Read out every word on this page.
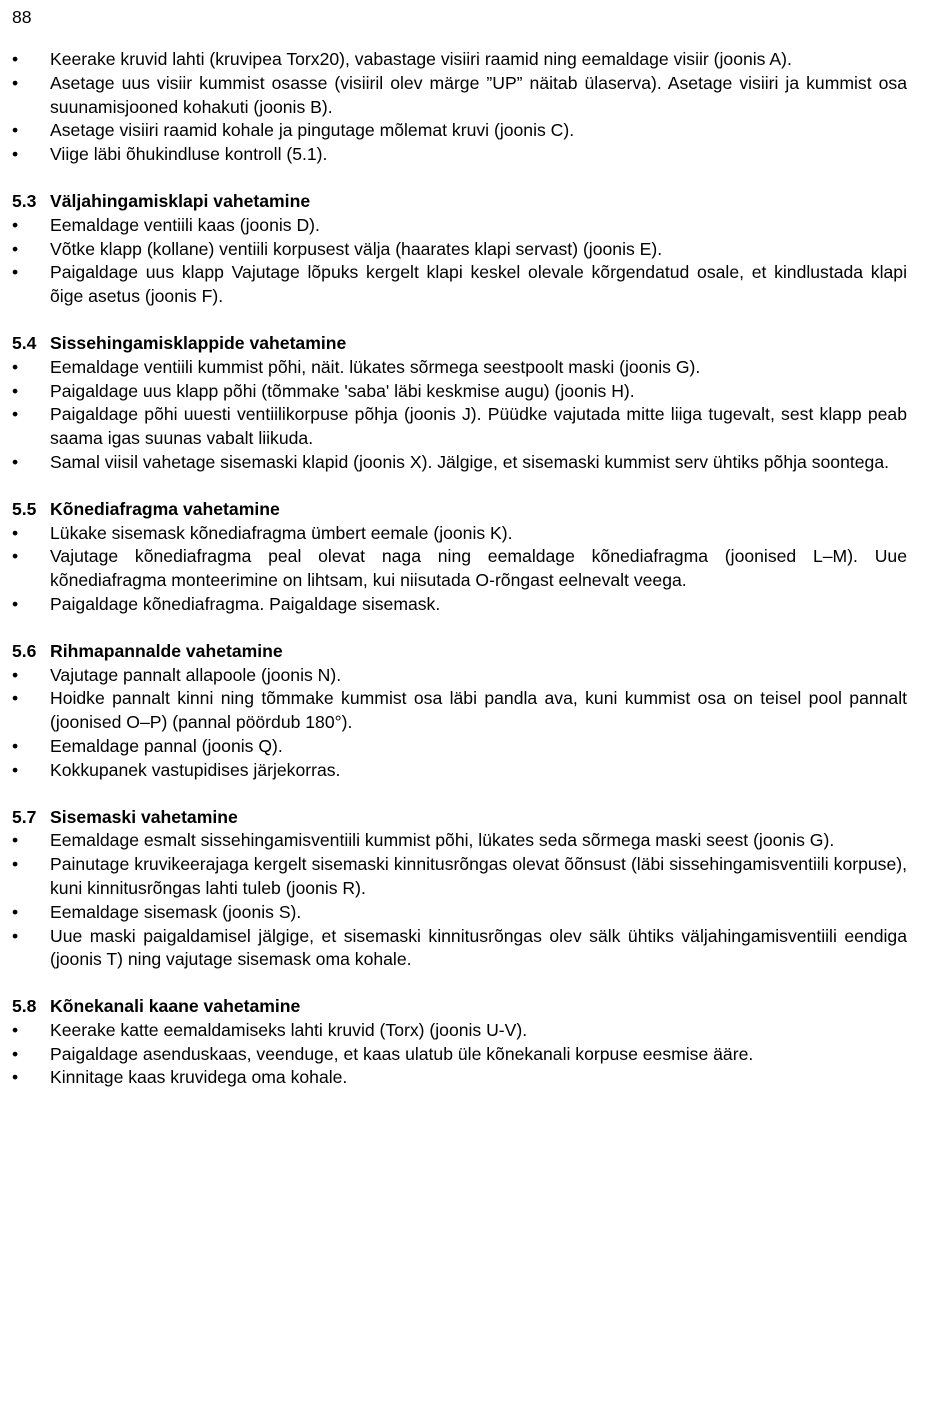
88
•	Keerake kruvid lahti (kruvipea Torx20), vabastage visiiri raamid ning eemaldage visiir (joonis A).
•	Asetage uus visiir kummist osasse (visiiril olev märge ”UP” näitab ülaserva). Asetage visiiri ja kummist osa suunamisjooned kohakuti (joonis B).
•	Asetage visiiri raamid kohale ja pingutage mõlemat kruvi (joonis C).
•	Viige läbi õhukindluse kontroll (5.1).
5.3 Väljahingamisklapi vahetamine
•	Eemaldage ventiili kaas (joonis D).
•	Võtke klapp (kollane) ventiili korpusest välja (haarates klapi servast) (joonis E).
•	Paigaldage uus klapp Vajutage lõpuks kergelt klapi keskel olevale kõrgendatud osale, et kindlustada klapi õige asetus (joonis F).
5.4 Sissehingamisklappide vahetamine
•	Eemaldage ventiili kummist põhi, näit. lükates sõrmega seestpoolt maski (joonis G).
•	Paigaldage uus klapp põhi (tõmmake 'saba' läbi keskmise augu) (joonis H).
•	Paigaldage põhi uuesti ventiilikorpuse põhja (joonis J). Püüdke vajutada mitte liiga tugevalt, sest klapp peab saama igas suunas vabalt liikuda.
•	Samal viisil vahetage sisemaski klapid (joonis X). Jälgige, et sisemaski kummist serv ühtiks põhja soontega.
5.5 Kõnediafragma vahetamine
•	Lükake sisemask kõnediafragma ümbert eemale (joonis K).
•	Vajutage kõnediafragma peal olevat naga ning eemaldage kõnediafragma (joonised L–M). Uue kõnediafragma monteerimine on lihtsam, kui niisutada O-rõngast eelnevalt veega.
•	Paigaldage kõnediafragma. Paigaldage sisemask.
5.6 Rihmapannalde vahetamine
•	Vajutage pannalt allapoole (joonis N).
•	Hoidke pannalt kinni ning tõmmake kummist osa läbi pandla ava, kuni kummist osa on teisel pool pannalt (joonised O–P) (pannal pöördub 180°).
•	Eemaldage pannal (joonis Q).
•	Kokkupanek vastupidises järjekorras.
5.7 Sisemaski vahetamine
•	Eemaldage esmalt sissehingamisventiili kummist põhi, lükates seda sõrmega maski seest (joonis G).
•	Painutage kruvikeerajaga kergelt sisemaski kinnitusrõngas olevat õõnsust (läbi sissehingamisventiili korpuse), kuni kinnitusrõngas lahti tuleb (joonis R).
•	Eemaldage sisemask (joonis S).
•	Uue maski paigaldamisel jälgige, et sisemaski kinnitusrõngas olev sälk ühtiks väljahingamisventiili eendiga (joonis T) ning vajutage sisemask oma kohale.
5.8 Kõnekanali kaane vahetamine
•	Keerake katte eemaldamiseks lahti kruvid (Torx) (joonis U-V).
•	Paigaldage asenduskaas, veenduge, et kaas ulatub üle kõnekanali korpuse eesmise ääre.
•	Kinnitage kaas kruvidega oma kohale.
